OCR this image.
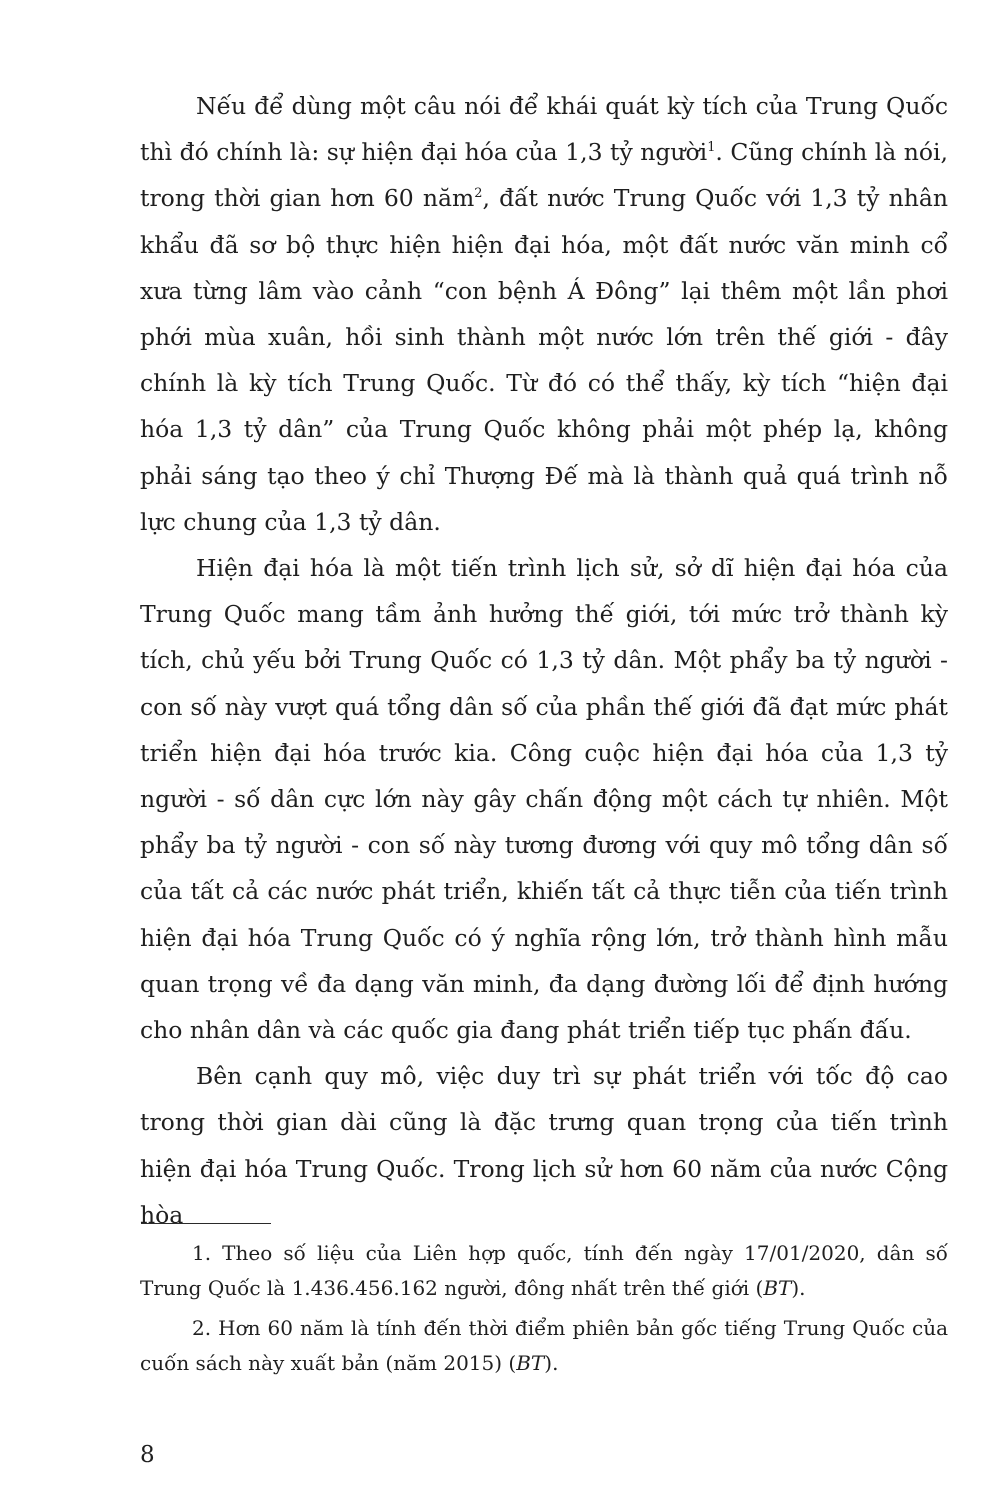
Nếu để dùng một câu nói để khái quát kỳ tích của Trung Quốc thì đó chính là: sự hiện đại hóa của 1,3 tỷ người$^1$. Cũng chính là nói, trong thời gian hơn 60 năm$^2$, đất nước Trung Quốc với 1,3 tỷ nhân khẩu đã sơ bộ thực hiện hiện đại hóa, một đất nước văn minh cổ xưa từng lâm vào cảnh “con bệnh Á Đông” lại thêm một lần phơi phới mùa xuân, hồi sinh thành một nước lớn trên thế giới - đây chính là kỳ tích Trung Quốc. Từ đó có thể thấy, kỳ tích “hiện đại hóa 1,3 tỷ dân” của Trung Quốc không phải một phép lạ, không phải sáng tạo theo ý chỉ Thượng Đế mà là thành quả quá trình nỗ lực chung của 1,3 tỷ dân.

Hiện đại hóa là một tiến trình lịch sử, sở dĩ hiện đại hóa của Trung Quốc mang tầm ảnh hưởng thế giới, tới mức trở thành kỳ tích, chủ yếu bởi Trung Quốc có 1,3 tỷ dân. Một phẩy ba tỷ người - con số này vượt quá tổng dân số của phần thế giới đã đạt mức phát triển hiện đại hóa trước kia. Công cuộc hiện đại hóa của 1,3 tỷ người - số dân cực lớn này gây chấn động một cách tự nhiên. Một phẩy ba tỷ người - con số này tương đương với quy mô tổng dân số của tất cả các nước phát triển, khiến tất cả thực tiễn của tiến trình hiện đại hóa Trung Quốc có ý nghĩa rộng lớn, trở thành hình mẫu quan trọng về đa dạng văn minh, đa dạng đường lối để định hướng cho nhân dân và các quốc gia đang phát triển tiếp tục phấn đấu.

Bên cạnh quy mô, việc duy trì sự phát triển với tốc độ cao trong thời gian dài cũng là đặc trưng quan trọng của tiến trình hiện đại hóa Trung Quốc. Trong lịch sử hơn 60 năm của nước Cộng hòa

1. Theo số liệu của Liên hợp quốc, tính đến ngày 17/01/2020, dân số Trung Quốc là 1.436.456.162 người, đông nhất trên thế giới (BT).

2. Hơn 60 năm là tính đến thời điểm phiên bản gốc tiếng Trung Quốc của cuốn sách này xuất bản (năm 2015) (BT).

8
